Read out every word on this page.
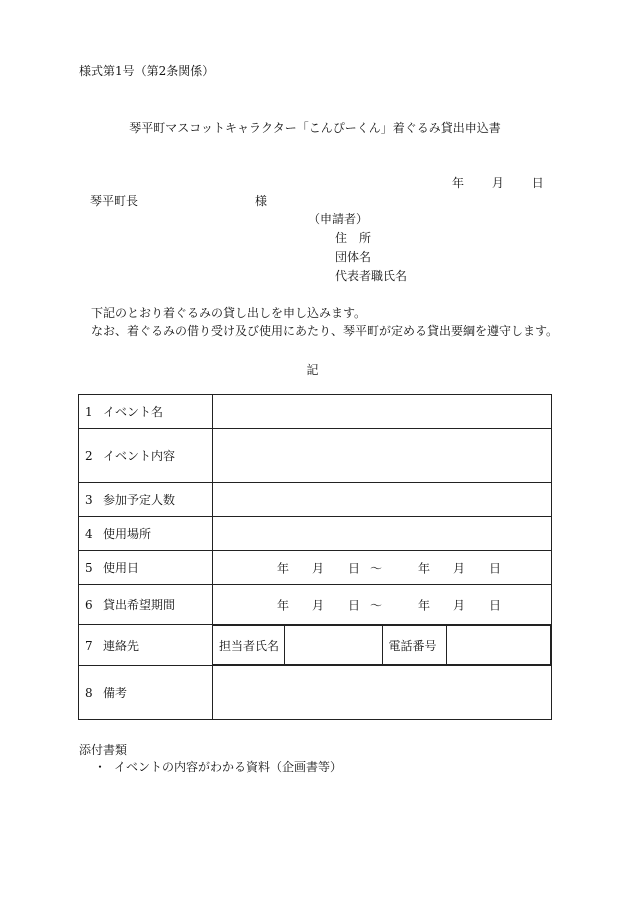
様式第1号（第2条関係）
琴平町マスコットキャラクター「こんぴーくん」着ぐるみ貸出申込書
年 月 日
琴平町長	様
（申請者）
住　所
団体名
代表者職氏名
下記のとおり着ぐるみの貸し出しを申し込みます。
なお、着ぐるみの借り受け及び使用にあたり、琴平町が定める貸出要綱を遵守します。
記
1 イベント名	
2 イベント内容	
3 参加予定人数	
4 使用場所	
5 使用日	年 月 日 〜	年 月 日

6 貸出希望期間	年 月 日 〜	年 月 日

7 連絡先		担当者氏名		電話番号	

8 備考	
添付書類
・ イベントの内容がわかる資料（企画書等）
